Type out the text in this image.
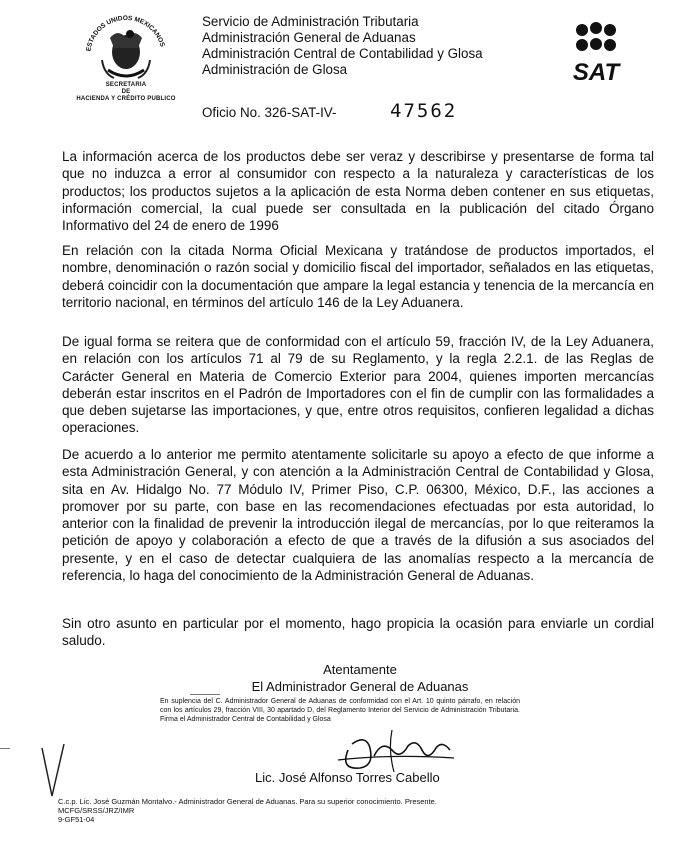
ESTADOS UNIDOS MEXICANOS
SECRETARIA
DE
HACIENDA Y CRÉDITO PUBLICO
Servicio de Administración Tributaria
Administración General de Aduanas
Administración Central de Contabilidad y Glosa
Administración de Glosa
Oficio No. 326-SAT-IV-	47562
SAT
La información acerca de los productos debe ser veraz y describirse y presentarse de forma tal que no induzca a error al consumidor con respecto a la naturaleza y características de los productos; los productos sujetos a la aplicación de esta Norma deben contener en sus etiquetas, información comercial, la cual puede ser consultada en la publicación del citado Órgano Informativo del 24 de enero de 1996
En relación con la citada Norma Oficial Mexicana y tratándose de productos importados, el nombre, denominación o razón social y domicilio fiscal del importador, señalados en las etiquetas, deberá coincidir con la documentación que ampare la legal estancia y tenencia de la mercancía en territorio nacional, en términos del artículo 146 de la Ley Aduanera.
De igual forma se reitera que de conformidad con el artículo 59, fracción IV, de la Ley Aduanera, en relación con los artículos 71 al 79 de su Reglamento, y la regla 2.2.1. de las Reglas de Carácter General en Materia de Comercio Exterior para 2004, quienes importen mercancías deberán estar inscritos en el Padrón de Importadores con el fin de cumplir con las formalidades a que deben sujetarse las importaciones, y que, entre otros requisitos, confieren legalidad a dichas operaciones.
De acuerdo a lo anterior me permito atentamente solicitarle su apoyo a efecto de que informe a esta Administración General, y con atención a la Administración Central de Contabilidad y Glosa, sita en Av. Hidalgo No. 77 Módulo IV, Primer Piso, C.P. 06300, México, D.F., las acciones a promover por su parte, con base en las recomendaciones efectuadas por esta autoridad, lo anterior con la finalidad de prevenir la introducción ilegal de mercancías, por lo que reiteramos la petición de apoyo y colaboración a efecto de que a través de la difusión a sus asociados del presente, y en el caso de detectar cualquiera de las anomalías respecto a la mercancía de referencia, lo haga del conocimiento de la Administración General de Aduanas.
Sin otro asunto en particular por el momento, hago propicia la ocasión para enviarle un cordial saludo.
Atentamente
El Administrador General de Aduanas
En suplencia del C. Administrador General de Aduanas de conformidad con el Art. 10 quinto párrafo, en relación con los artículos 29, fracción VIII, 30 apartado D, del Reglamento Interior del Servicio de Administración Tributaria. Firma el Administrador Central de Contabilidad y Glosa
Lic. José Alfonso Torres Cabello
C.c.p. Lic. José Guzmán Montalvo.- Administrador General de Aduanas. Para su superior conocimiento. Presente.
MCFG/SRSS/JRZ/IMR
9-GF51-04
